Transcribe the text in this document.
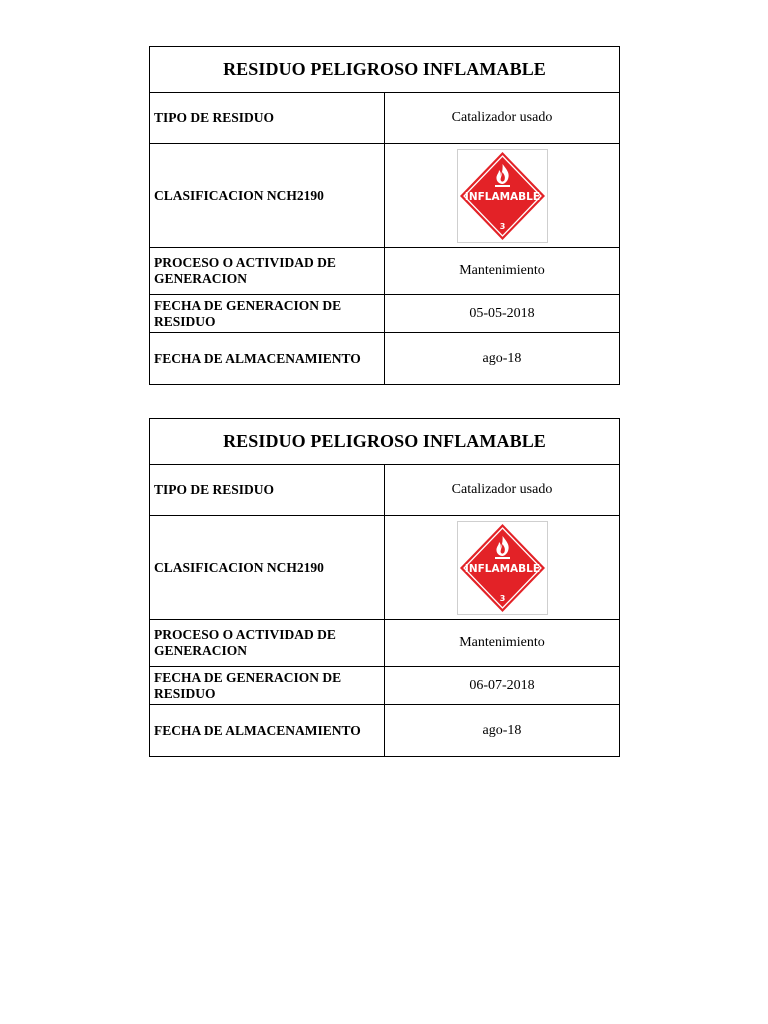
RESIDUO PELIGROSO INFLAMABLE	
TIPO DE RESIDUO	Catalizador usado
CLASIFICACION NCH2190	INFLAMABLE
3

PROCESO O ACTIVIDAD DE GENERACION	Mantenimiento
FECHA DE GENERACION DE RESIDUO	05-05-2018
FECHA DE ALMACENAMIENTO	ago-18
RESIDUO PELIGROSO INFLAMABLE	
TIPO DE RESIDUO	Catalizador usado
CLASIFICACION NCH2190	INFLAMABLE
3

PROCESO O ACTIVIDAD DE GENERACION	Mantenimiento
FECHA DE GENERACION DE RESIDUO	06-07-2018
FECHA DE ALMACENAMIENTO	ago-18
